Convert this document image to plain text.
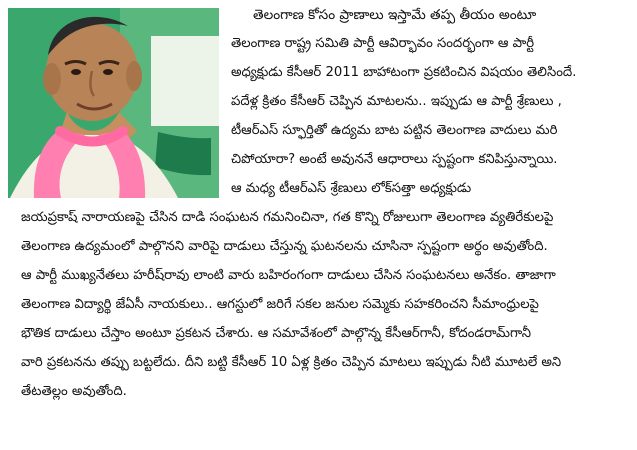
తెలంగాణ కోసం ప్రాణాలు ఇస్తామే తప్ప తీయం అంటూ
తెలంగాణ రాష్ట్ర సమితి పార్టీ ఆవిర్భావం సందర్భంగా ఆ పార్టీ
అధ్యక్షుడు కేసీఆర్ 2011 బాహాటంగా ప్రకటించిన విషయం తెలిసిందే.
పదేళ్ల క్రితం కేసీఆర్ చెప్పిన మాటలను.. ఇప్పుడు ఆ పార్టీ శ్రేణులు ,
టీఆర్ఎస్ స్ఫూర్తితో ఉద్యమ బాట పట్టిన తెలంగాణ వాదులు మరి
చిపోయారా? అంటే అవుననే ఆధారాలు స్పష్టంగా కనిపిస్తున్నాయి.
ఆ మధ్య టీఆర్ఎస్ శ్రేణులు లోక్‌సత్తా అధ్యక్షుడు
జయప్రకాష్ నారాయణపై చేసిన దాడి సంఘటన గమనించినా, గత కొన్ని రోజులుగా తెలంగాణ వ్యతిరేకులపై
తెలంగాణ ఉద్యమంలో పాల్గొనని వారిపై దాడులు చేస్తున్న ఘటనలను చూసినా స్పష్టంగా అర్థం అవుతోంది.
ఆ పార్టీ ముఖ్యనేతలు హరీష్‌రావు లాంటి వారు బహిరంగంగా దాడులు చేసిన సంఘటనలు అనేకం. తాజాగా
తెలంగాణ విద్యార్థి జేఏసీ నాయకులు.. ఆగస్టులో జరిగే సకల జనుల సమ్మెకు సహకరించని సీమాంధ్రులపై
భౌతిక దాడులు చేస్తాం అంటూ ప్రకటన చేశారు. ఆ సమావేశంలో పాల్గొన్న కేసీఆర్‌గానీ, కోదండరామ్‌గానీ
వారి ప్రకటనను తప్పు బట్టలేదు. దీని బట్టి కేసీఆర్ 10 ఏళ్ల క్రితం చెప్పిన మాటలు ఇప్పుడు నీటి మూటలే అని
తేటతెల్లం అవుతోంది.
